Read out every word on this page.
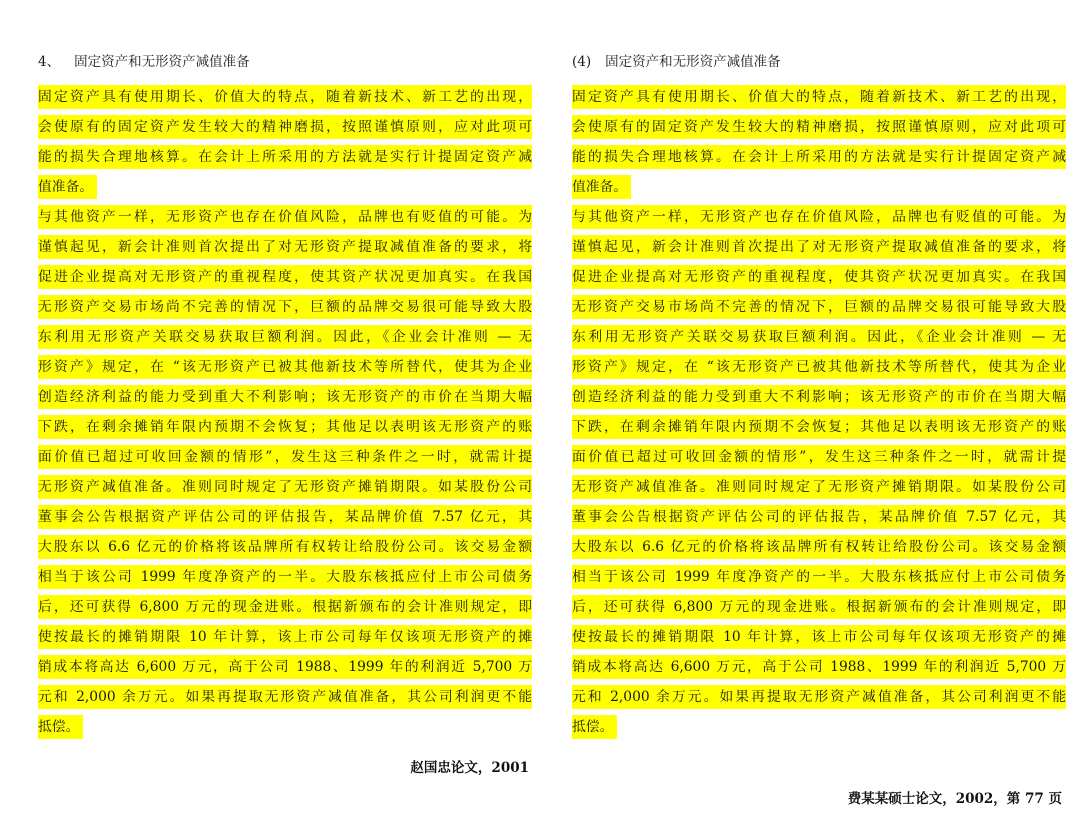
4、 固定资产和无形资产减值准备
固定资产具有使用期长、价值大的特点，随着新技术、新工艺的出现，
会使原有的固定资产发生较大的精神磨损，按照谨慎原则，应对此项可
能的损失合理地核算。在会计上所采用的方法就是实行计提固定资产减
值准备。
与其他资产一样，无形资产也存在价值风险，品牌也有贬值的可能。为
谨慎起见，新会计准则首次提出了对无形资产提取减值准备的要求，将
促进企业提高对无形资产的重视程度，使其资产状况更加真实。在我国
无形资产交易市场尚不完善的情况下，巨额的品牌交易很可能导致大股
东利用无形资产关联交易获取巨额利润。因此，《企业会计准则 — 无
形资产》规定，在 “该无形资产已被其他新技术等所替代，使其为企业
创造经济利益的能力受到重大不利影响；该无形资产的市价在当期大幅
下跌，在剩余摊销年限内预期不会恢复；其他足以表明该无形资产的账
面价值已超过可收回金额的情形”，发生这三种条件之一时，就需计提
无形资产减值准备。准则同时规定了无形资产摊销期限。如某股份公司
董事会公告根据资产评估公司的评估报告，某品牌价值 7.57 亿元，其
大股东以 6.6 亿元的价格将该品牌所有权转让给股份公司。该交易金额
相当于该公司 1999 年度净资产的一半。大股东核抵应付上市公司债务
后，还可获得 6,800 万元的现金进账。根据新颁布的会计准则规定，即
使按最长的摊销期限 10 年计算，该上市公司每年仅该项无形资产的摊
销成本将高达 6,600 万元，高于公司 1988、1999 年的利润近 5,700 万
元和 2,000 余万元。如果再提取无形资产减值准备，其公司利润更不能
抵偿。
(4) 固定资产和无形资产减值准备
固定资产具有使用期长、价值大的特点，随着新技术、新工艺的出现，
会使原有的固定资产发生较大的精神磨损，按照谨慎原则，应对此项可
能的损失合理地核算。在会计上所采用的方法就是实行计提固定资产减
值准备。
与其他资产一样，无形资产也存在价值风险，品牌也有贬值的可能。为
谨慎起见，新会计准则首次提出了对无形资产提取减值准备的要求，将
促进企业提高对无形资产的重视程度，使其资产状况更加真实。在我国
无形资产交易市场尚不完善的情况下，巨额的品牌交易很可能导致大股
东利用无形资产关联交易获取巨额利润。因此，《企业会计准则 — 无
形资产》规定，在 “该无形资产已被其他新技术等所替代，使其为企业
创造经济利益的能力受到重大不利影响；该无形资产的市价在当期大幅
下跌，在剩余摊销年限内预期不会恢复；其他足以表明该无形资产的账
面价值已超过可收回金额的情形”，发生这三种条件之一时，就需计提
无形资产减值准备。准则同时规定了无形资产摊销期限。如某股份公司
董事会公告根据资产评估公司的评估报告，某品牌价值 7.57 亿元，其
大股东以 6.6 亿元的价格将该品牌所有权转让给股份公司。该交易金额
相当于该公司 1999 年度净资产的一半。大股东核抵应付上市公司债务
后，还可获得 6,800 万元的现金进账。根据新颁布的会计准则规定，即
使按最长的摊销期限 10 年计算，该上市公司每年仅该项无形资产的摊
销成本将高达 6,600 万元，高于公司 1988、1999 年的利润近 5,700 万
元和 2,000 余万元。如果再提取无形资产减值准备，其公司利润更不能
抵偿。
赵国忠论文，2001
费某某硕士论文，2002，第 77 页
